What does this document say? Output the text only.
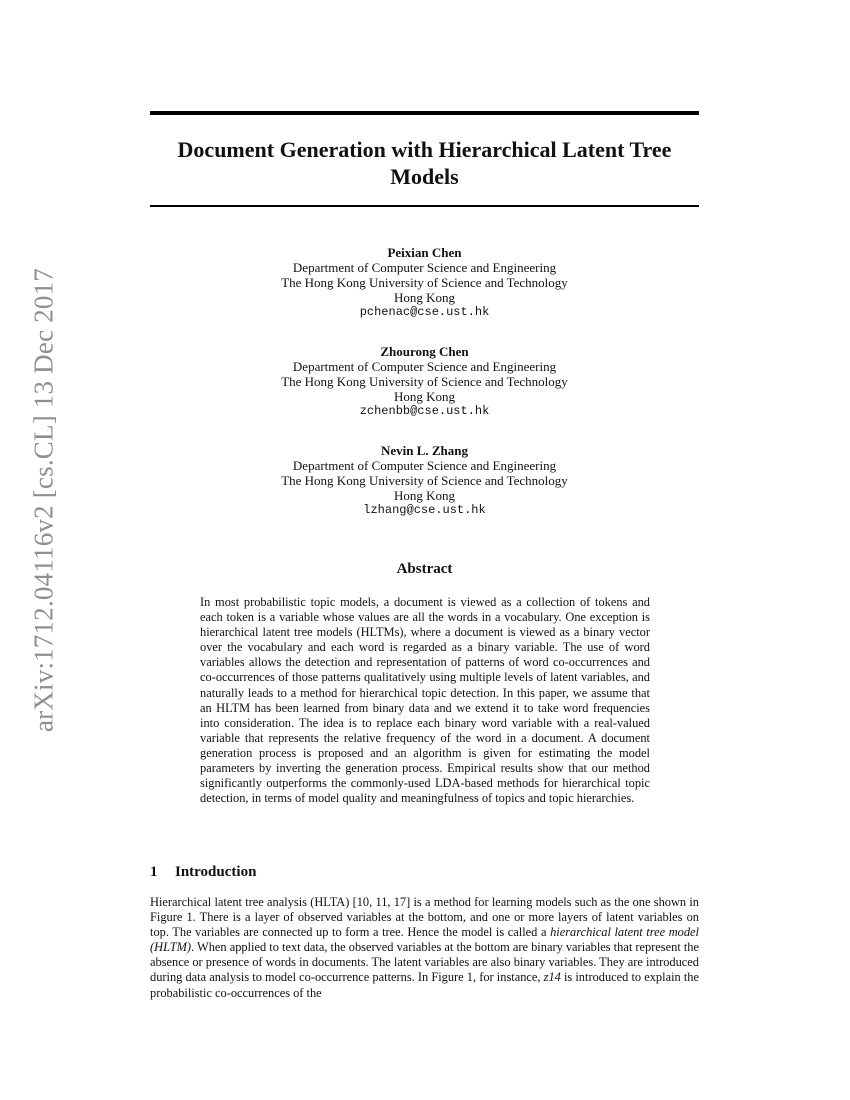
arXiv:1712.04116v2 [cs.CL] 13 Dec 2017
Document Generation with Hierarchical Latent Tree Models
Peixian Chen
Department of Computer Science and Engineering
The Hong Kong University of Science and Technology
Hong Kong
pchenac@cse.ust.hk
Zhourong Chen
Department of Computer Science and Engineering
The Hong Kong University of Science and Technology
Hong Kong
zchenbb@cse.ust.hk
Nevin L. Zhang
Department of Computer Science and Engineering
The Hong Kong University of Science and Technology
Hong Kong
lzhang@cse.ust.hk
Abstract

In most probabilistic topic models, a document is viewed as a collection of tokens and each token is a variable whose values are all the words in a vocabulary. One exception is hierarchical latent tree models (HLTMs), where a document is viewed as a binary vector over the vocabulary and each word is regarded as a binary variable. The use of word variables allows the detection and representation of patterns of word co-occurrences and co-occurrences of those patterns qualitatively using multiple levels of latent variables, and naturally leads to a method for hierarchical topic detection. In this paper, we assume that an HLTM has been learned from binary data and we extend it to take word frequencies into consideration. The idea is to replace each binary word variable with a real-valued variable that represents the relative frequency of the word in a document. A document generation process is proposed and an algorithm is given for estimating the model parameters by inverting the generation process. Empirical results show that our method significantly outperforms the commonly-used LDA-based methods for hierarchical topic detection, in terms of model quality and meaningfulness of topics and topic hierarchies.

1 Introduction

Hierarchical latent tree analysis (HLTA) [10, 11, 17] is a method for learning models such as the one shown in Figure 1. There is a layer of observed variables at the bottom, and one or more layers of latent variables on top. The variables are connected up to form a tree. Hence the model is called a hierarchical latent tree model (HLTM). When applied to text data, the observed variables at the bottom are binary variables that represent the absence or presence of words in documents. The latent variables are also binary variables. They are introduced during data analysis to model co-occurrence patterns. In Figure 1, for instance, z14 is introduced to explain the probabilistic co-occurrences of the
